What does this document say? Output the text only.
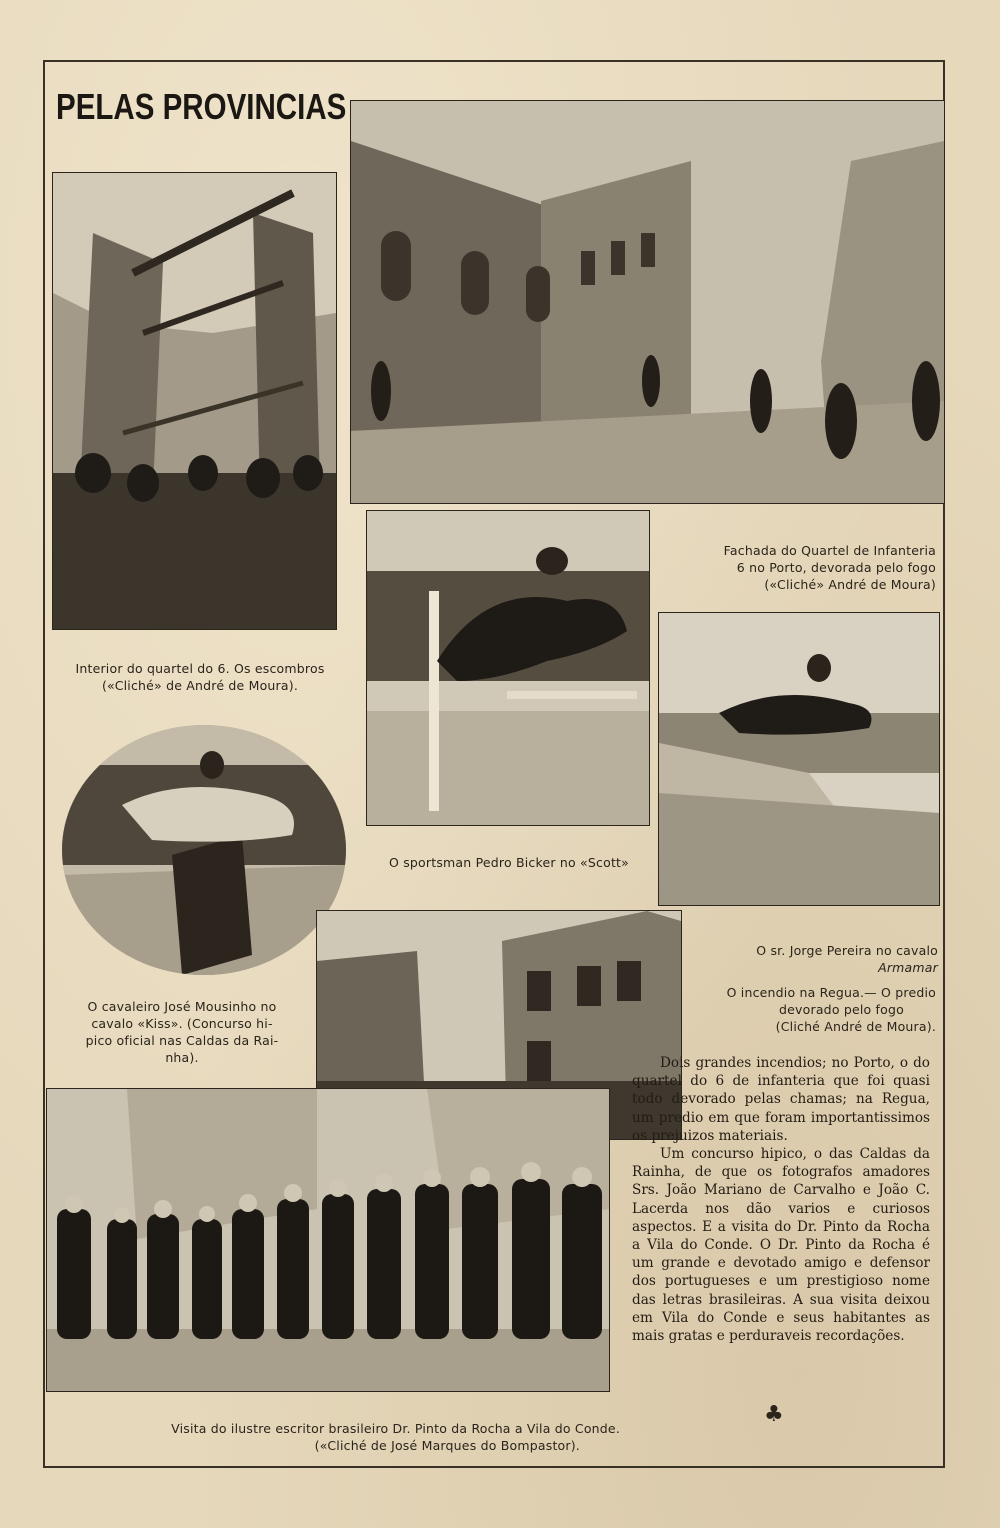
PELAS PROVINCIAS
Interior do quartel do 6. Os escombros
(«Cliché» de André de Moura).
Fachada do Quartel de Infanteria
6 no Porto, devorada pelo fogo
(«Cliché» André de Moura)
O sportsman Pedro Bicker no «Scott»
O sr. Jorge Pereira no cavalo
Armamar
O incendio na Regua.— O predio
devorado pelo fogo
(Cliché André de Moura).
O cavaleiro José Mousinho no
cavalo «Kiss». (Concurso hi-
pico oficial nas Caldas da Rai-
nha).
Visita do ilustre escritor brasileiro Dr. Pinto da Rocha a Vila do Conde.
(«Cliché de José Marques do Bompastor).

Dois grandes incendios; no Porto, o do quartel do 6 de infanteria que foi quasi todo devorado pelas chamas; na Regua, um predio em que foram importantissimos os prejuizos materiais.

Um concurso hipico, o das Caldas da Rainha, de que os fotografos amadores Srs. João Mariano de Carvalho e João C. Lacerda nos dão varios e curiosos aspectos. E a visita do Dr. Pinto da Rocha a Vila do Conde. O Dr. Pinto da Rocha é um grande e devotado amigo e defensor dos portugueses e um prestigioso nome das letras brasileiras. A sua visita deixou em Vila do Conde e seus habitantes as mais gratas e perduraveis recordações.

♣
